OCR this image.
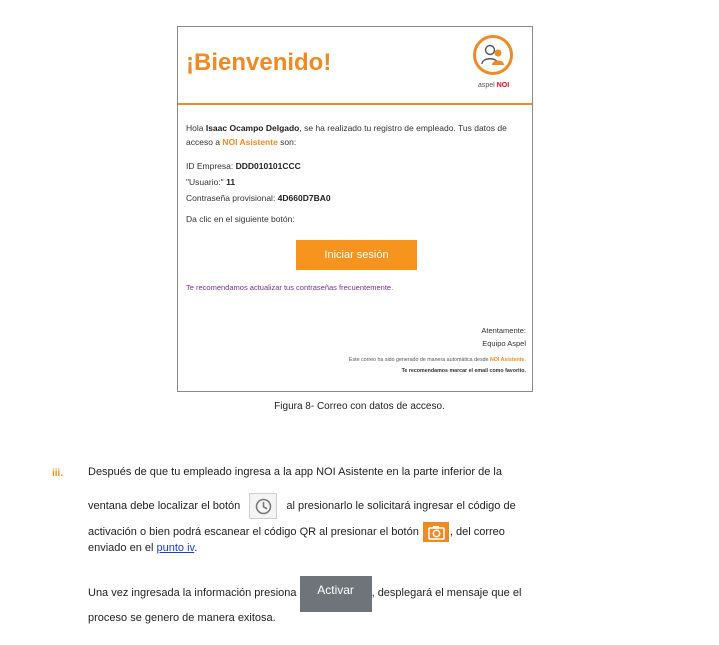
¡Bienvenido!
aspel NOI

Hola Isaac Ocampo Delgado, se ha realizado tu registro de empleado. Tus datos de acceso a NOI Asistente son:

ID Empresa: DDD010101CCC

"Usuario:" 11

Contraseña provisional: 4D660D7BA0

Da clic en el siguiente botón:

Iniciar sesión
Te recomendamos actualizar tus contraseñas frecuentemente.
Atentamente:
Equipo Aspel
Este correo ha sido generado de manera automática desde NOI Asistente.
Te recomendamos marcar el email como favorito.
Figura 8- Correo con datos de acceso.
iii. Después de que tu empleado ingresa a la app NOI Asistente en la parte inferior de la
ventana debe localizar el botón	al presionarlo le solicitará ingresar el código de
activación o bien podrá escanear el código QR al presionar el botón	, del correo
enviado en el punto iv.
Una vez ingresada la información presiona	Activar	, desplegará el mensaje que el
proceso se genero de manera exitosa.
